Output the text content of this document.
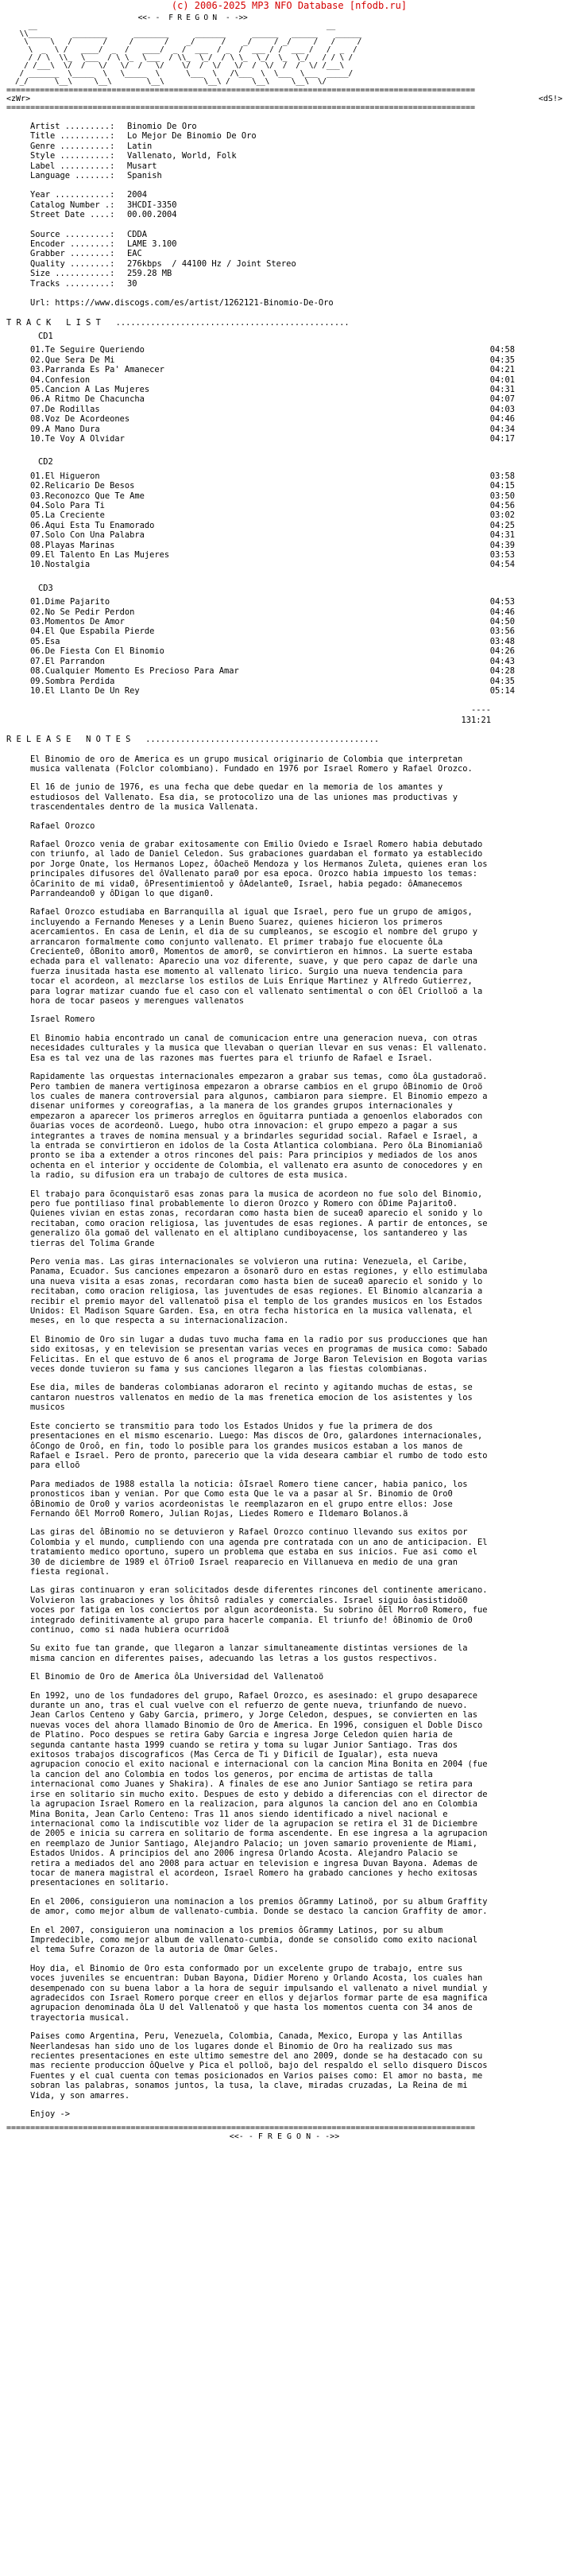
(c) 2006-2025 MP3 NFO Database [nfodb.ru]
<<- -  F R E G O N  - ->>
__                                                                  __
\\_____     ________      ________      _______      ______   ______    ______
\     \   /       /     /       /    _/      /    _/     / _/     /   /     /
\  _  \ /   ____/  _  /   ____/  _ /  ___  / _  /  ___ / /  ___ /   /  _  /
/ / \  \\_  \___  / \ \_  \___  / \\_  \_/  / \ \_  \_/  \_  \_/   / / \ /
/ /___\  \/  /   \/   \/  /   \/    \/  /  \/   \/  /  \/  /  /  \/ /___\
/ _______  \_____  \   \_____  \      \___  \   /\___  \  \___  \___  _____/
/_/      \__\     \__\        \__\         \__\ /     \__\     \__\  \/

==================================================================================================
<zWr>	<dS!>
==================================================================================================
Artist .........:	Binomio De Oro
Title ..........:	Lo Mejor De Binomio De Oro
Genre ..........:	Latin
Style ..........:	Vallenato, World, Folk
Label ..........:	Musart
Language .......:	Spanish
Year ...........:	2004
Catalog Number .:	3HCDI-3350
Street Date ....:	00.00.2004
Source .........:	CDDA
Encoder ........:	LAME 3.100
Grabber ........:	EAC
Quality ........:	276kbps  / 44100 Hz / Joint Stereo
Size ...........:	259.28 MB
Tracks .........:	30
Url: https://www.discogs.com/es/artist/1262121-Binomio-De-Oro
T R A C K   L I S T   ...............................................
CD1
01. Te Seguire Queriendo	04:58
02. Que Sera De Mi	04:35
03. Parranda Es Pa' Amanecer	04:21
04. Confesion	04:01
05. Cancion A Las Mujeres	04:31
06. A Ritmo De Chacuncha	04:07
07. De Rodillas	04:03
08. Voz De Acordeones	04:46
09. A Mano Dura	04:34
10. Te Voy A Olvidar	04:17
CD2
01. El Higueron	03:58
02. Relicario De Besos	04:15
03. Reconozco Que Te Ame	03:50
04. Solo Para Ti	04:56
05. La Creciente	03:02
06. Aqui Esta Tu Enamorado	04:25
07. Solo Con Una Palabra	04:31
08. Playas Marinas	04:39
09. El Talento En Las Mujeres	03:53
10. Nostalgia	04:54
CD3
01. Dime Pajarito	04:53
02. No Se Pedir Perdon	04:46
03. Momentos De Amor	04:50
04. El Que Espabila Pierde	03:56
05. Esa	03:48
06. De Fiesta Con El Binomio	04:26
07. El Parrandon	04:43
08. Cualquier Momento Es Precioso Para Amar	04:28
09. Sombra Perdida	04:35
10. El Llanto De Un Rey	05:14
----
131:21
R E L E A S E   N O T E S   ...............................................
El Binomio de oro de America es un grupo musical originario de Colombia que interpretan musica vallenata (Folclor colombiano). Fundado en 1976 por Israel Romero y Rafael Orozco.
El 16 de junio de 1976, es una fecha que debe quedar en la memoria de los amantes y estudiosos del Vallenato. Esa dia, se protocolizo una de las uniones mas productivas y trascendentales dentro de la musica Vallenata.
Rafael Orozco
Rafael Orozco venia de grabar exitosamente con Emilio Oviedo e Israel Romero habia debutado con triunfo, al lado de Daniel Celedon. Sus grabaciones guardaban el formato ya establecido por Jorge Onate, los Hermanos Lopez, ôOacheö Mendoza y los Hermanos Zuleta, quienes eran los principales difusores del ôVallenato para0 por esa epoca. Orozco habia impuesto los temas: ôCarinito de mi vida0, ôPresentimientoô y ôAdelante0, Israel, habia pegado: ôAmanecemos Parrandeando0 y ôDigan lo que digan0.
Rafael Orozco estudiaba en Barranquilla al igual que Israel, pero fue un grupo de amigos, incluyendo a Fernando Meneses y a Lenin Bueno Suarez, quienes hicieron los primeros acercamientos. En casa de Lenin, el dia de su cumpleanos, se escogio el nombre del grupo y arrancaron formalmente como conjunto vallenato. El primer trabajo fue elocuente ôLa Creciente0, ôBonito amor0, Momentos de amor0, se convirtieron en himnos. La suerte estaba echada para el vallenato: Aparecio una voz diferente, suave, y que pero capaz de darle una fuerza inusitada hasta ese momento al vallenato lirico. Surgio una nueva tendencia para tocar el acordeon, al mezclarse los estilos de Luis Enrique Martinez y Alfredo Gutierrez, para lograr matizar cuando fue el caso con el vallenato sentimental o con ôEl Criolloö a la hora de tocar paseos y merengues vallenatos
Israel Romero
El Binomio habia encontrado un canal de comunicacion entre una generacion nueva, con otras necesidades culturales y la musica que llevaban o querian llevar en sus venas: El vallenato. Esa es tal vez una de las razones mas fuertes para el triunfo de Rafael e Israel.
Rapidamente las orquestas internacionales empezaron a grabar sus temas, como ôLa gustadoraö. Pero tambien de manera vertiginosa empezaron a obrarse cambios en el grupo ôBinomio de Oroö los cuales de manera controversial para algunos, cambiaron para siempre. El Binomio empezo a disenar uniformes y coreografias, a la manera de los grandes grupos internacionales y empezaron a aparecer los primeros arreglos en õguitarra puntiada a genoenlos elaborados con õuarias voces de acordeonö. Luego, hubo otra innovacion: el grupo empezo a pagar a sus integrantes a traves de nomina mensual y a brindarles seguridad social. Rafael e Israel, a la entrada se convirtieron en idolos de la Costa Atlantica colombiana. Pero õLa Binomianiaõ pronto se iba a extender a otros rincones del pais: Para principios y mediados de los anos ochenta en el interior y occidente de Colombia, el vallenato era asunto de conocedores y en la radio, su difusion era un trabajo de cultores de esta musica.
El trabajo para õconquistarö esas zonas para la musica de acordeon no fue solo del Binomio, pero fue pontiliaso final probablemente lo dieron Orozco y Romero con ôDime Pajarito0. Quienes vivian en estas zonas, recordaran como hasta bien de sucea0 aparecio el sonido y lo recitaban, como oracion religiosa, las juventudes de esas regiones. A partir de entonces, se generalizo õla gomaö del vallenato en el altiplano cundiboyacense, los santandereo y las tierras del Tolima Grande
Pero venia mas. Las giras internacionales se volvieron una rutina: Venezuela, el Caribe, Panama, Ecuador. Sus canciones empezaron a õsonarö duro en estas regiones, y ello estimulaba una nueva visita a esas zonas, recordaran como hasta bien de sucea0 aparecio el sonido y lo recitaban, como oracion religiosa, las juventudes de esas regiones. El Binomio alcanzaria a recibir el premio mayor del vallenatoö pisa el templo de los grandes musicos en los Estados Unidos: El Madison Square Garden. Esa, en otra fecha historica en la musica vallenata, el meses, en lo que respecta a su internacionalizacion.
El Binomio de Oro sin lugar a dudas tuvo mucha fama en la radio por sus producciones que han sido exitosas, y en television se presentan varias veces en programas de musica como: Sabado Felicitas. En el que estuvo de 6 anos el programa de Jorge Baron Television en Bogota varias veces donde tuvieron su fama y sus canciones llegaron a las fiestas colombianas.
Ese dia, miles de banderas colombianas adoraron el recinto y agitando muchas de estas, se cantaron nuestros vallenatos en medio de la mas frenetica emocion de los asistentes y los musicos
Este concierto se transmitio para todo los Estados Unidos y fue la primera de dos presentaciones en el mismo escenario. Luego: Mas discos de Oro, galardones internacionales, ôCongo de Oroô, en fin, todo lo posible para los grandes musicos estaban a los manos de Rafael e Israel. Pero de pronto, parecerio que la vida deseara cambiar el rumbo de todo esto para elloõ
Para mediados de 1988 estalla la noticia: ôIsrael Romero tiene cancer, habia panico, los pronosticos iban y venian. Por que Como esta Que le va a pasar al Sr. Binomio de Oro0 ôBinomio de Oro0 y varios acordeonistas le reemplazaron en el grupo entre ellos: Jose Fernando ôEl Morro0 Romero, Julian Rojas, Liedes Romero e Ildemaro Bolanos.ä
Las giras del ôBinomio no se detuvieron y Rafael Orozco continuo llevando sus exitos por Colombia y el mundo, cumpliendo con una agenda pre contratada con un ano de anticipacion. El tratamiento medico oportuno, supero un problema que estaba en sus inicios. Fue asi como el 30 de diciembre de 1989 el ôTrio0 Israel reaparecio en Villanueva en medio de una gran fiesta regional.
Las giras continuaron y eran solicitados desde diferentes rincones del continente americano. Volvieron las grabaciones y los ôhitsô radiales y comerciales. Israel siguio ôasistidoö0 voces por fatiga en los conciertos por algun acordeonista. Su sobrino ôEl Morro0 Romero, fue integrado definitivamente al grupo para hacerle compania. El triunfo de! ôBinomio de Oro0 continuo, como si nada hubiera ocurridoä
Su exito fue tan grande, que llegaron a lanzar simultaneamente distintas versiones de la misma cancion en diferentes paises, adecuando las letras a los gustos respectivos.
El Binomio de Oro de America ôLa Universidad del Vallenatoö
En 1992, uno de los fundadores del grupo, Rafael Orozco, es asesinado: el grupo desaparece durante un ano, tras el cual vuelve con el refuerzo de gente nueva, triunfando de nuevo. Jean Carlos Centeno y Gaby Garcia, primero, y Jorge Celedon, despues, se convierten en las nuevas voces del ahora llamado Binomio de Oro de America. En 1996, consiguen el Doble Disco de Platino. Poco despues se retira Gaby Garcia e ingresa Jorge Celedon quien haria de segunda cantante hasta 1999 cuando se retira y toma su lugar Junior Santiago. Tras dos exitosos trabajos discograficos (Mas Cerca de Ti y Dificil de Igualar), esta nueva agrupacion conocio el exito nacional e internacional con la cancion Mina Bonita en 2004 (fue la cancion del ano Colombia en todos los generos, por encima de artistas de talla internacional como Juanes y Shakira). A finales de ese ano Junior Santiago se retira para irse en solitario sin mucho exito. Despues de esto y debido a diferencias con el director de la agrupacion Israel Romero en la realizacion, para algunos la cancion del ano en Colombia Mina Bonita, Jean Carlo Centeno: Tras 11 anos siendo identificado a nivel nacional e internacional como la indiscutible voz lider de la agrupacion se retira el 31 de Diciembre de 2005 e inicia su carrera en solitario de forma ascendente. En ese ingresa a la agrupacion en reemplazo de Junior Santiago, Alejandro Palacio; un joven samario proveniente de Miami, Estados Unidos. A principios del ano 2006 ingresa Orlando Acosta. Alejandro Palacio se retira a mediados del ano 2008 para actuar en television e ingresa Duvan Bayona. Ademas de tocar de manera magistral el acordeon, Israel Romero ha grabado canciones y hecho exitosas presentaciones en solitario.
En el 2006, consiguieron una nominacion a los premios ôGrammy Latinoö, por su album Graffity de amor, como mejor album de vallenato-cumbia. Donde se destaco la cancion Graffity de amor.
En el 2007, consiguieron una nominacion a los premios ôGrammy Latinos, por su album Impredecible, como mejor album de vallenato-cumbia, donde se consolido como exito nacional el tema Sufre Corazon de la autoria de Omar Geles.
Hoy dia, el Binomio de Oro esta conformado por un excelente grupo de trabajo, entre sus voces juveniles se encuentran: Duban Bayona, Didier Moreno y Orlando Acosta, los cuales han desempenado con su buena labor a la hora de seguir impulsando el vallenato a nivel mundial y agradecidos con Israel Romero porque creer en ellos y dejarlos formar parte de esa magnifica agrupacion denominada ôLa U del Vallenatoö y que hasta los momentos cuenta con 34 anos de trayectoria musical.
Paises como Argentina, Peru, Venezuela, Colombia, Canada, Mexico, Europa y las Antillas Neerlandesas han sido uno de los lugares donde el Binomio de Oro ha realizado sus mas recientes presentaciones en este ultimo semestre del ano 2009, donde se ha destacado con su mas reciente produccion ôQuelve y Pica el polloö, bajo del respaldo el sello disquero Discos Fuentes y el cual cuenta con temas posicionados en Varios paises como: El amor no basta, me sobran las palabras, sonamos juntos, la tusa, la clave, miradas cruzadas, La Reina de mi Vida, y son amarres.
Enjoy ->
==================================================================================================
<<- - F R E G O N - ->>
